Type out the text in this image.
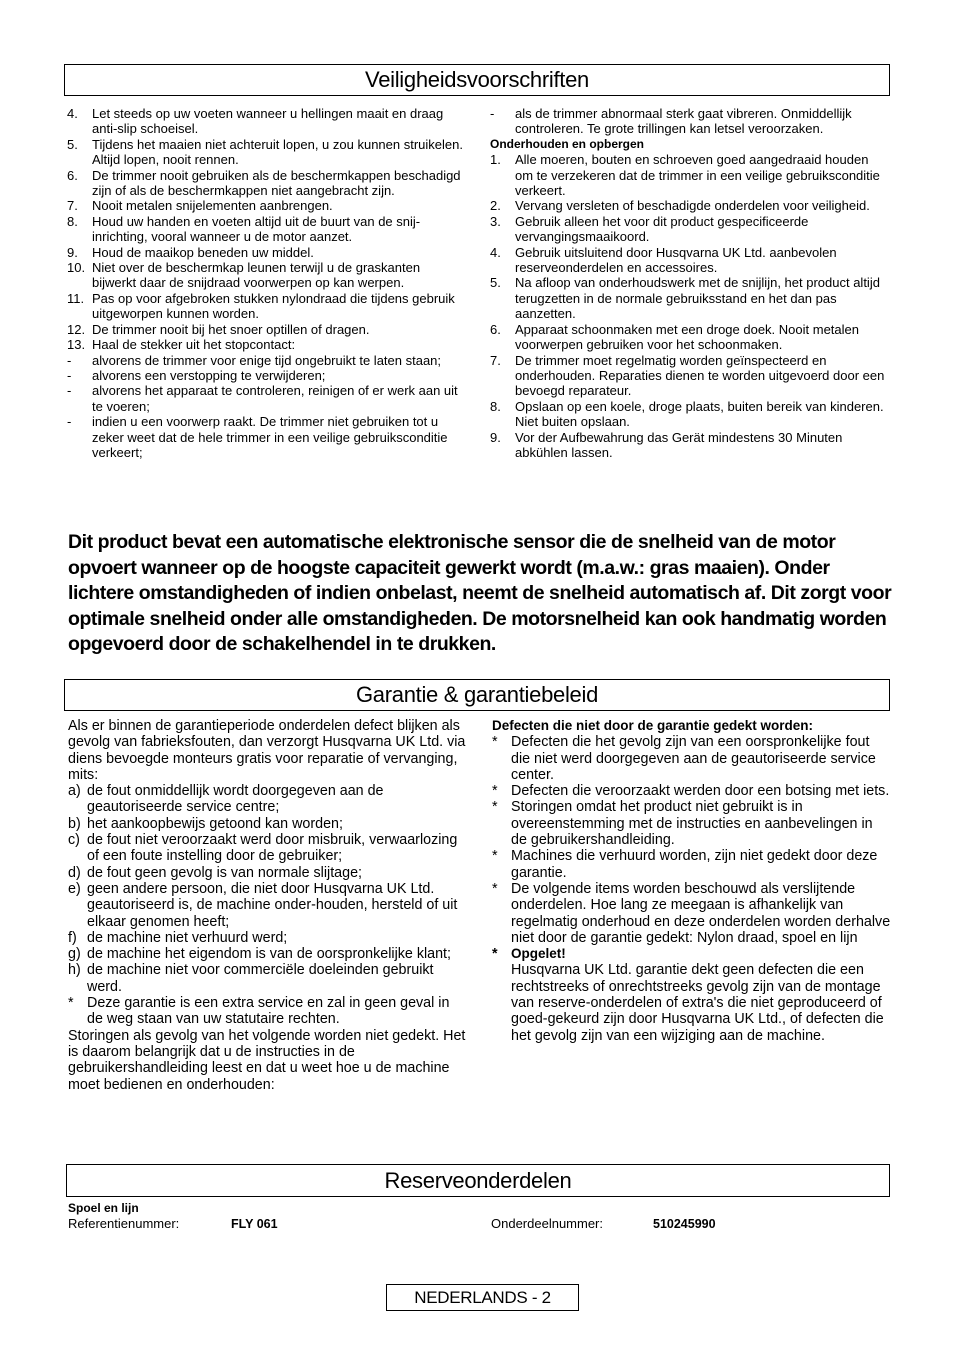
Veiligheidsvoorschriften
4.	Let steeds op uw voeten wanneer u hellingen maait en draag anti-slip schoeisel.
5.	Tijdens het maaien niet achteruit lopen, u zou kunnen struikelen. Altijd lopen, nooit rennen.
6.	De trimmer nooit gebruiken als de beschermkappen beschadigd zijn of als de beschermkappen niet aangebracht zijn.
7.	Nooit metalen snijelementen aanbrengen.
8.	Houd uw handen en voeten altijd uit de buurt van de snij-inrichting, vooral wanneer u de motor aanzet.
9.	Houd de maaikop beneden uw middel.
10. Niet over de beschermkap leunen terwijl u de graskanten bijwerkt daar de snijdraad voorwerpen op kan werpen.
11. Pas op voor afgebroken stukken nylondraad die tijdens gebruik uitgeworpen kunnen worden.
12. De trimmer nooit bij het snoer optillen of dragen.
13. Haal de stekker uit het stopcontact:
-	alvorens de trimmer voor enige tijd ongebruikt te laten staan;
-	alvorens een verstopping te verwijderen;
-	alvorens het apparaat te controleren, reinigen of er werk aan uit te voeren;
-	indien u een voorwerp raakt. De trimmer niet gebruiken tot u zeker weet dat de hele trimmer in een veilige gebruiksconditie verkeert;
-	als de trimmer abnormaal sterk gaat vibreren. Onmiddellijk controleren. Te grote trillingen kan letsel veroorzaken.
Onderhouden en opbergen
1.	Alle moeren, bouten en schroeven goed aangedraaid houden om te verzekeren dat de trimmer in een veilige gebruiksconditie verkeert.
2.	Vervang versleten of beschadigde onderdelen voor veiligheid.
3.	Gebruik alleen het voor dit product gespecificeerde vervangingsmaaikoord.
4.	Gebruik uitsluitend door Husqvarna UK Ltd. aanbevolen reserveonderdelen en accessoires.
5.	Na afloop van onderhoudswerk met de snijlijn, het product altijd terugzetten in de normale gebruiksstand en het dan pas aanzetten.
6.	Apparaat schoonmaken met een droge doek. Nooit metalen voorwerpen gebruiken voor het schoonmaken.
7.	De trimmer moet regelmatig worden geïnspecteerd en onderhouden. Reparaties dienen te worden uitgevoerd door een bevoegd reparateur.
8.	Opslaan op een koele, droge plaats, buiten bereik van kinderen. Niet buiten opslaan.
9.	Vor der Aufbewahrung das Gerät mindestens 30 Minuten abkühlen lassen.
Dit product bevat een automatische elektronische sensor die de snelheid van de motor opvoert wanneer op de hoogste capaciteit gewerkt wordt (m.a.w.: gras maaien). Onder lichtere omstandigheden of indien onbelast, neemt de snelheid automatisch af. Dit zorgt voor optimale snelheid onder alle omstandigheden. De motorsnelheid kan ook handmatig worden opgevoerd door de schakelhendel in te drukken.
Garantie & garantiebeleid
Als er binnen de garantieperiode onderdelen defect blijken als gevolg van fabrieksfouten, dan verzorgt Husqvarna UK Ltd. via diens bevoegde monteurs gratis voor reparatie of vervanging, mits:
a) de fout onmiddellijk wordt doorgegeven aan de geautoriseerde service centre;
b) het aankoopbewijs getoond kan worden;
c) de fout niet veroorzaakt werd door misbruik, verwaarlozing of een foute instelling door de gebruiker;
d) de fout geen gevolg is van normale slijtage;
e) geen andere persoon, die niet door Husqvarna UK Ltd. geautoriseerd is, de machine onder-houden, hersteld of uit elkaar genomen heeft;
f) de machine niet verhuurd werd;
g) de machine het eigendom is van de oorspronkelijke klant;
h) de machine niet voor commerciële doeleinden gebruikt werd.
* Deze garantie is een extra service en zal in geen geval in de weg staan van uw statutaire rechten.
Storingen als gevolg van het volgende worden niet gedekt. Het is daarom belangrijk dat u de instructies in de gebruikershandleiding leest en dat u weet hoe u de machine moet bedienen en onderhouden:
Defecten die niet door de garantie gedekt worden:
* Defecten die het gevolg zijn van een oorspronkelijke fout die niet werd doorgegeven aan de geautoriseerde service center.
* Defecten die veroorzaakt werden door een botsing met iets.
* Storingen omdat het product niet gebruikt is in overeenstemming met de instructies en aanbevelingen in de gebruikershandleiding.
* Machines die verhuurd worden, zijn niet gedekt door deze garantie.
* De volgende items worden beschouwd als verslijtende onderdelen. Hoe lang ze meegaan is afhankelijk van regelmatig onderhoud en deze onderdelen worden derhalve niet door de garantie gedekt: Nylon draad, spoel en lijn
* Opgelet!
Husqvarna UK Ltd. garantie dekt geen defecten die een rechtstreeks of onrechtstreeks gevolg zijn van de montage van reserve-onderdelen of extra's die niet geproduceerd of goed-gekeurd zijn door Husqvarna UK Ltd., of defecten die het gevolg zijn van een wijziging aan de machine.
Reserveonderdelen
Spoel en lijn
Referentienummer:	FLY 061	Onderdeelnummer:	510245990
NEDERLANDS - 2
